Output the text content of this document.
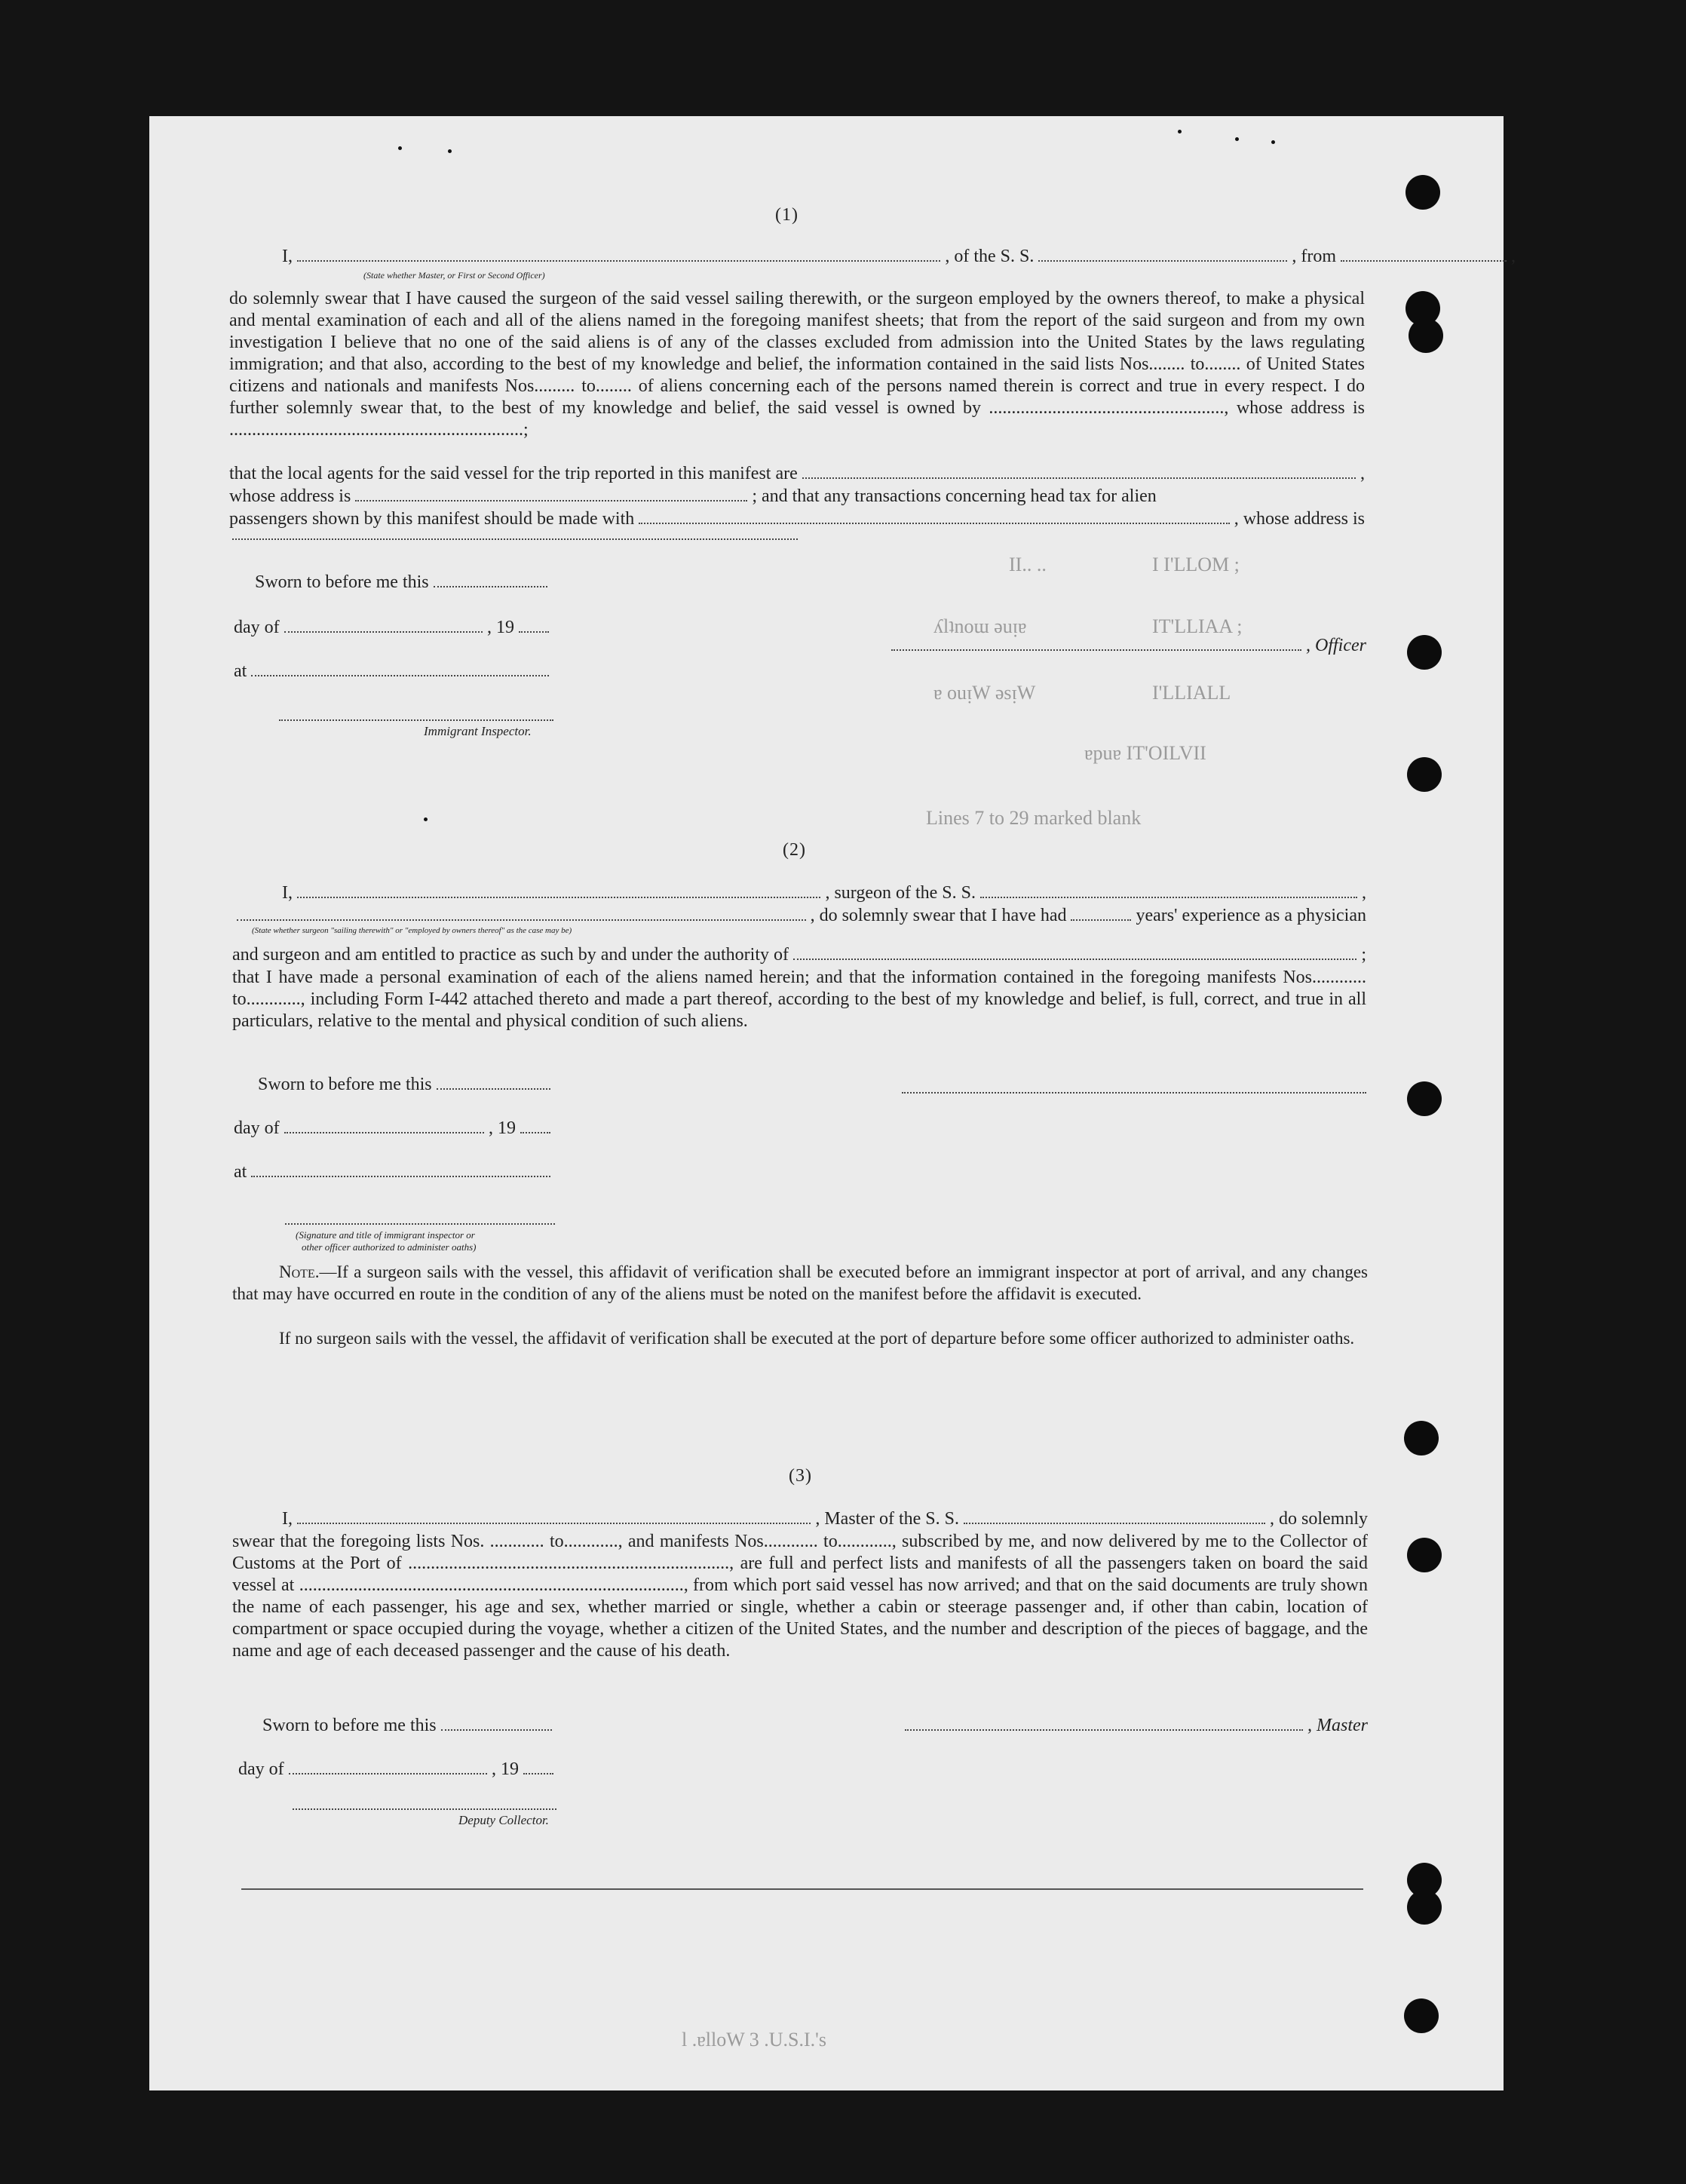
I I'LLOM ;
II.. ..
IT'LLIAA ;
ʎlʇnoɯ ǝuᴉɐ
I'LLIALL
ɐ ouᴉW ǝsᴉW
ɐpuɐ IT'OILVII
Lines 7 to 29 marked blank
l .ɐlloW 3 .U.S.I.'s
(1)
I,	, of the S. S.	, from	,
(State whether Master, or First or Second Officer)
do solemnly swear that I have caused the surgeon of the said vessel sailing therewith, or the surgeon employed by the owners thereof, to make a physical and mental examination of each and all of the aliens named in the foregoing manifest sheets; that from the report of the said surgeon and from my own investigation I believe that no one of the said aliens is of any of the classes excluded from admission into the United States by the laws regulating immigration; and that also, according to the best of my knowledge and belief, the information contained in the said lists Nos........ to........ of United States citizens and nationals and manifests Nos......... to........ of aliens concerning each of the persons named therein is correct and true in every respect. I do further solemnly swear that, to the best of my knowledge and belief, the said vessel is owned by ...................................................., whose address is .................................................................;
that the local agents for the said vessel for the trip reported in this manifest are	,
whose address is	; and that any transactions concerning head tax for alien
passengers shown by this manifest should be made with	, whose address is
Sworn to before me this
day of	, 19
at
Immigrant Inspector.
, Officer
(2)
I,	, surgeon of the S. S.	,
, do solemnly swear that I have had	years' experience as a physician
(State whether surgeon "sailing therewith" or "employed by owners thereof" as the case may be)
and surgeon and am entitled to practice as such by and under the authority of	;
that I have made a personal examination of each of the aliens named herein; and that the information contained in the foregoing manifests Nos............ to............, including Form I-442 attached thereto and made a part thereof, according to the best of my knowledge and belief, is full, correct, and true in all particulars, relative to the mental and physical condition of such aliens.
Sworn to before me this
day of	, 19
at
(Signature and title of immigrant inspector or
other officer authorized to administer oaths)
Note.—If a surgeon sails with the vessel, this affidavit of verification shall be executed before an immigrant inspector at port of arrival, and any changes that may have occurred en route in the condition of any of the aliens must be noted on the manifest before the affidavit is executed.
If no surgeon sails with the vessel, the affidavit of verification shall be executed at the port of departure before some officer authorized to administer oaths.
(3)
I,	, Master of the S. S.	, do solemnly
swear that the foregoing lists Nos. ............ to............, and manifests Nos............ to............, subscribed by me, and now delivered by me to the Collector of Customs at the Port of ......................................................................., are full and perfect lists and manifests of all the passengers taken on board the said vessel at ....................................................................................., from which port said vessel has now arrived; and that on the said documents are truly shown the name of each passenger, his age and sex, whether married or single, whether a cabin or steerage passenger and, if other than cabin, location of compartment or space occupied during the voyage, whether a citizen of the United States, and the number and description of the pieces of baggage, and the name and age of each deceased passenger and the cause of his death.
Sworn to before me this	, Master
day of	, 19
Deputy Collector.
